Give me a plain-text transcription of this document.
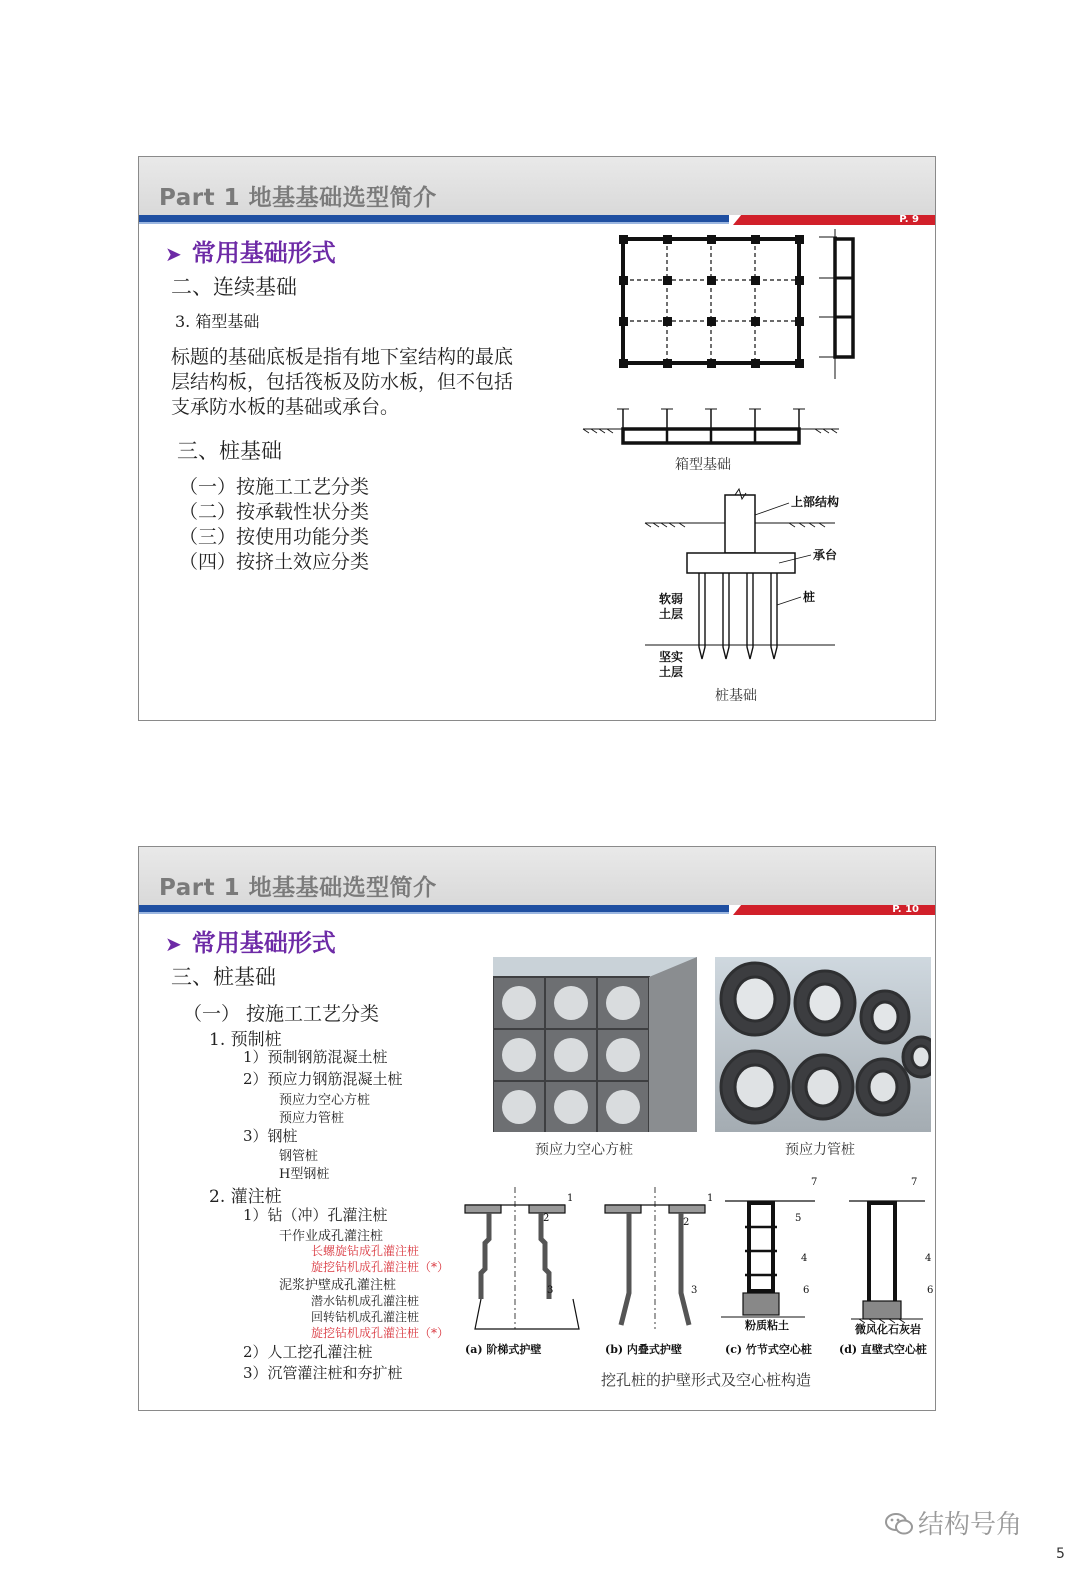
Part 1 地基基础选型简介
P. 9
➤ 常用基础形式
二、连续基础
3. 箱型基础
标题的基础底板是指有地下室结构的最底
层结构板，包括筏板及防水板，但不包括
支承防水板的基础或承台。
三、桩基础
（一）按施工工艺分类
（二）按承载性状分类
（三）按使用功能分类
（四）按挤土效应分类
箱型基础
上部结构
承台
桩
软弱
土层
坚实
土层
桩基础
Part 1 地基基础选型简介
P. 10
➤ 常用基础形式
三、桩基础
（一） 按施工工艺分类
1. 预制桩
1）预制钢筋混凝土桩
2）预应力钢筋混凝土桩
预应力空心方桩
预应力管桩
3）钢桩
钢管桩
H型钢桩
2. 灌注桩
1）钻（冲）孔灌注桩
干作业成孔灌注桩
长螺旋钻成孔灌注桩
旋挖钻机成孔灌注桩（*）
泥浆护壁成孔灌注桩
潜水钻机成孔灌注桩
回转钻机成孔灌注桩
旋挖钻机成孔灌注桩（*）
2）人工挖孔灌注桩
3）沉管灌注桩和夯扩桩
预应力空心方桩	预应力管桩
1
2
3
1
2
3
7
5
4
6
7
4
6
粉质粘土	微风化石灰岩
(a) 阶梯式护壁	(b) 内叠式护壁	(c) 竹节式空心桩 (d) 直壁式空心桩
挖孔桩的护壁形式及空心桩构造
结构号角
5
